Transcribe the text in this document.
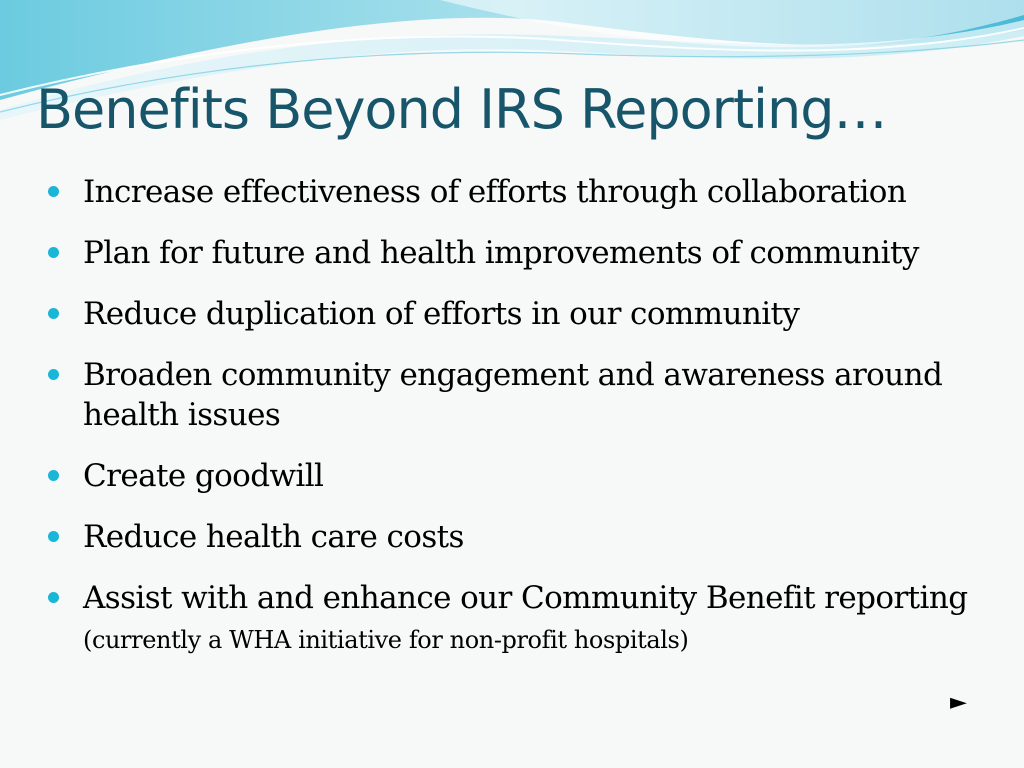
Benefits Beyond IRS Reporting…
Increase effectiveness of efforts through collaboration
Plan for future and health improvements of community
Reduce duplication of efforts in our community
Broaden community engagement and awareness around health issues
Create goodwill
Reduce health care costs
Assist with and enhance our Community Benefit reporting (currently a WHA initiative for non-profit hospitals)
►
